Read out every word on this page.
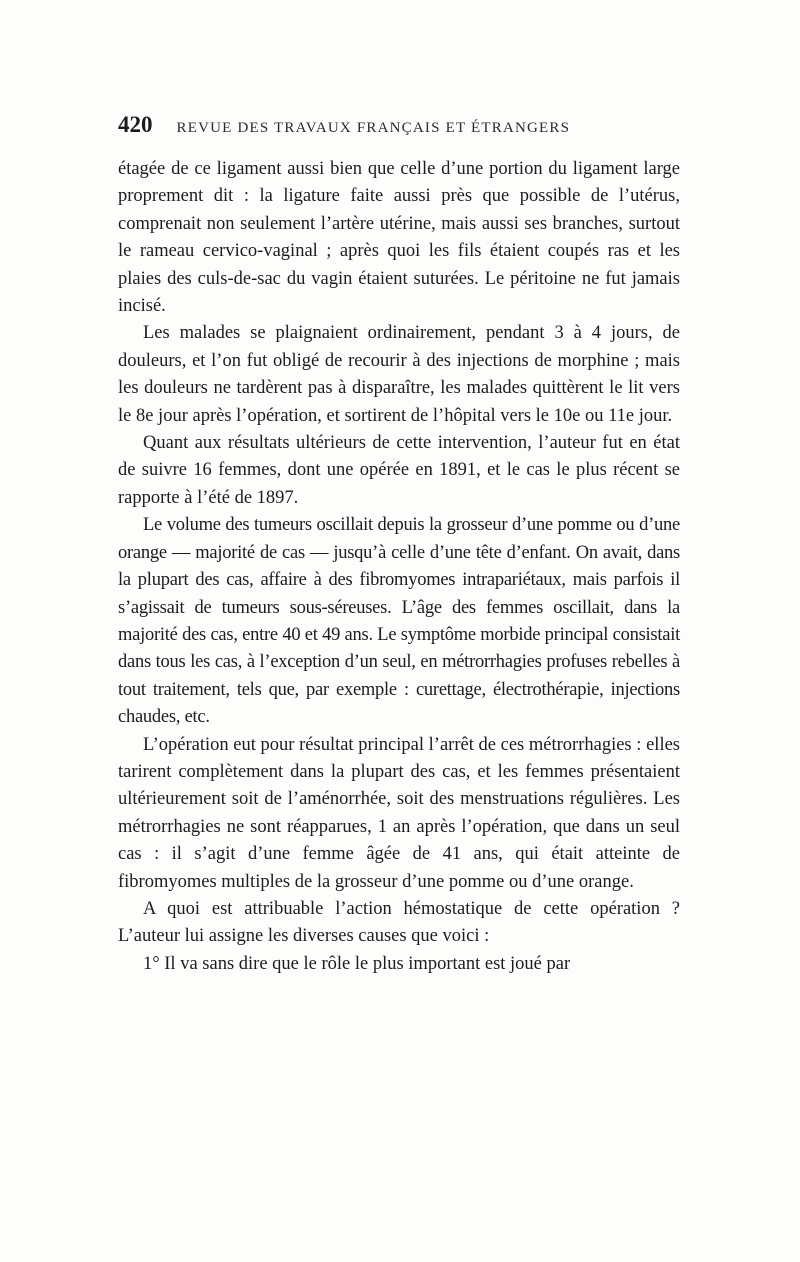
420 REVUE DES TRAVAUX FRANÇAIS ET ÉTRANGERS

étagée de ce ligament aussi bien que celle d’une portion du ligament large proprement dit : la ligature faite aussi près que possible de l’utérus, comprenait non seulement l’artère utérine, mais aussi ses branches, surtout le rameau cervico-vaginal ; après quoi les fils étaient coupés ras et les plaies des culs-de-sac du vagin étaient suturées. Le péritoine ne fut jamais incisé.

Les malades se plaignaient ordinairement, pendant 3 à 4 jours, de douleurs, et l’on fut obligé de recourir à des injections de morphine ; mais les douleurs ne tardèrent pas à disparaître, les malades quittèrent le lit vers le 8e jour après l’opération, et sortirent de l’hôpital vers le 10e ou 11e jour.

Quant aux résultats ultérieurs de cette intervention, l’auteur fut en état de suivre 16 femmes, dont une opérée en 1891, et le cas le plus récent se rapporte à l’été de 1897.

Le volume des tumeurs oscillait depuis la grosseur d’une pomme ou d’une orange — majorité de cas — jusqu’à celle d’une tête d’enfant. On avait, dans la plupart des cas, affaire à des fibromyomes intrapariétaux, mais parfois il s’agissait de tumeurs sous-séreuses. L’âge des femmes oscillait, dans la majorité des cas, entre 40 et 49 ans. Le symptôme morbide principal consistait dans tous les cas, à l’exception d’un seul, en métrorrhagies profuses rebelles à tout traitement, tels que, par exemple : curettage, électrothérapie, injections chaudes, etc.

L’opération eut pour résultat principal l’arrêt de ces métrorrhagies : elles tarirent complètement dans la plupart des cas, et les femmes présentaient ultérieurement soit de l’aménorrhée, soit des menstruations régulières. Les métrorrhagies ne sont réapparues, 1 an après l’opération, que dans un seul cas : il s’agit d’une femme âgée de 41 ans, qui était atteinte de fibromyomes multiples de la grosseur d’une pomme ou d’une orange.

A quoi est attribuable l’action hémostatique de cette opération ? L’auteur lui assigne les diverses causes que voici :

1° Il va sans dire que le rôle le plus important est joué par
